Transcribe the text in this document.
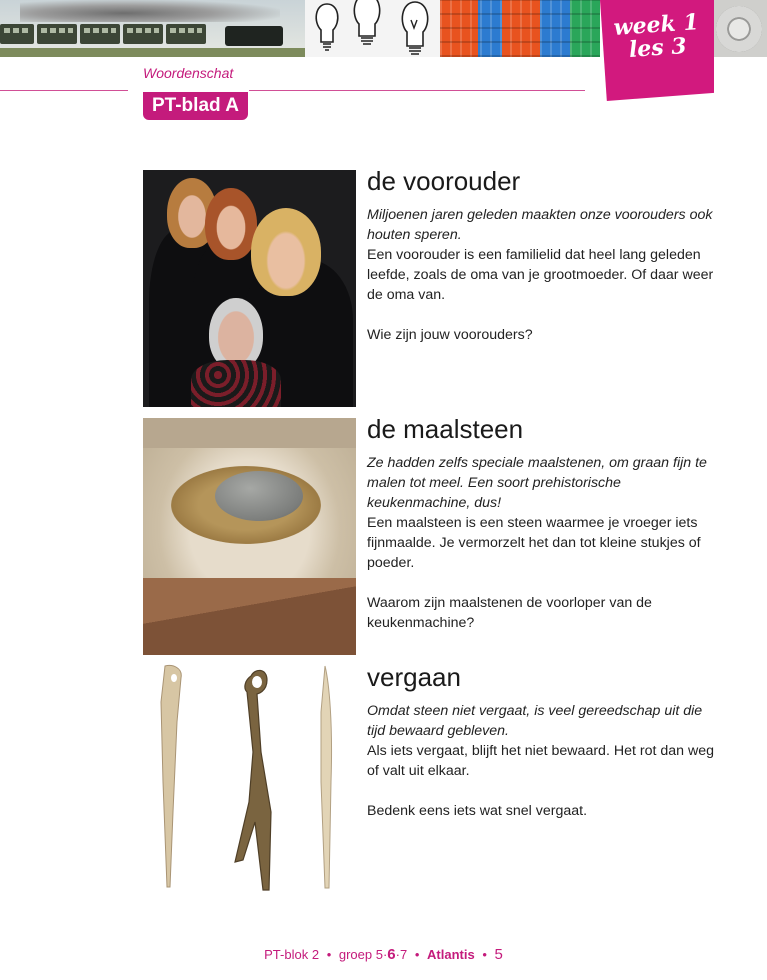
week 1
les 3
Woordenschat
PT-blad A
de voorouder

Miljoenen jaren geleden maakten onze voorouders ook houten speren.

Een voorouder is een familielid dat heel lang geleden leefde, zoals de oma van je grootmoeder. Of daar weer de oma van.

Wie zijn jouw voorouders?

de maalsteen

Ze hadden zelfs speciale maalstenen, om graan fijn te malen tot meel. Een soort prehistorische keukenmachine, dus!

Een maalsteen is een steen waarmee je vroeger iets fijnmaalde. Je vermorzelt het dan tot kleine stukjes of poeder.

Waarom zijn maalstenen de voorloper van de keukenmachine?

vergaan

Omdat steen niet vergaat, is veel gereedschap uit die tijd bewaard gebleven.

Als iets vergaat, blijft het niet bewaard. Het rot dan weg of valt uit elkaar.

Bedenk eens iets wat snel vergaat.

PT-blok 2 • groep 5·6·7 • Atlantis • 5
